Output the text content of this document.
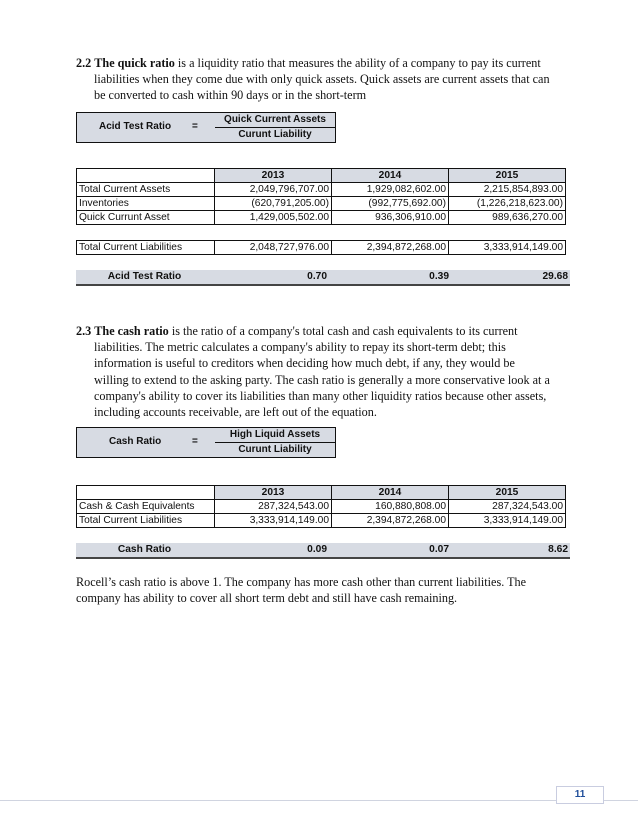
2.2 The quick ratio is a liquidity ratio that measures the ability of a company to pay its current

liabilities when they come due with only quick assets. Quick assets are current assets that can

be converted to cash within 90 days or in the short-term

Acid Test Ratio =
Quick Current Assets
Curunt Liability
	2013	2014	2015
Total Current Assets	2,049,796,707.00	1,929,082,602.00	2,215,854,893.00
Inventories	(620,791,205.00)	(992,775,692.00)	(1,226,218,623.00)
Quick Currunt Asset	1,429,005,502.00	936,306,910.00	989,636,270.00
Total Current Liabilities	2,048,727,976.00	2,394,872,268.00	3,333,914,149.00
Acid Test Ratio	0.70	0.39	29.68

2.3 The cash ratio is the ratio of a company's total cash and cash equivalents to its current

liabilities. The metric calculates a company's ability to repay its short-term debt; this

information is useful to creditors when deciding how much debt, if any, they would be

willing to extend to the asking party. The cash ratio is generally a more conservative look at a

company's ability to cover its liabilities than many other liquidity ratios because other assets,

including accounts receivable, are left out of the equation.

Cash Ratio	=
High Liquid Assets
Curunt Liability
	2013	2014	2015
Cash & Cash Equivalents	287,324,543.00	160,880,808.00	287,324,543.00
Total Current Liabilities	3,333,914,149.00	2,394,872,268.00	3,333,914,149.00
Cash Ratio	0.09	0.07	8.62

Rocell’s cash ratio is above 1. The company has more cash other than current liabilities. The

company has ability to cover all short term debt and still have cash remaining.

11
